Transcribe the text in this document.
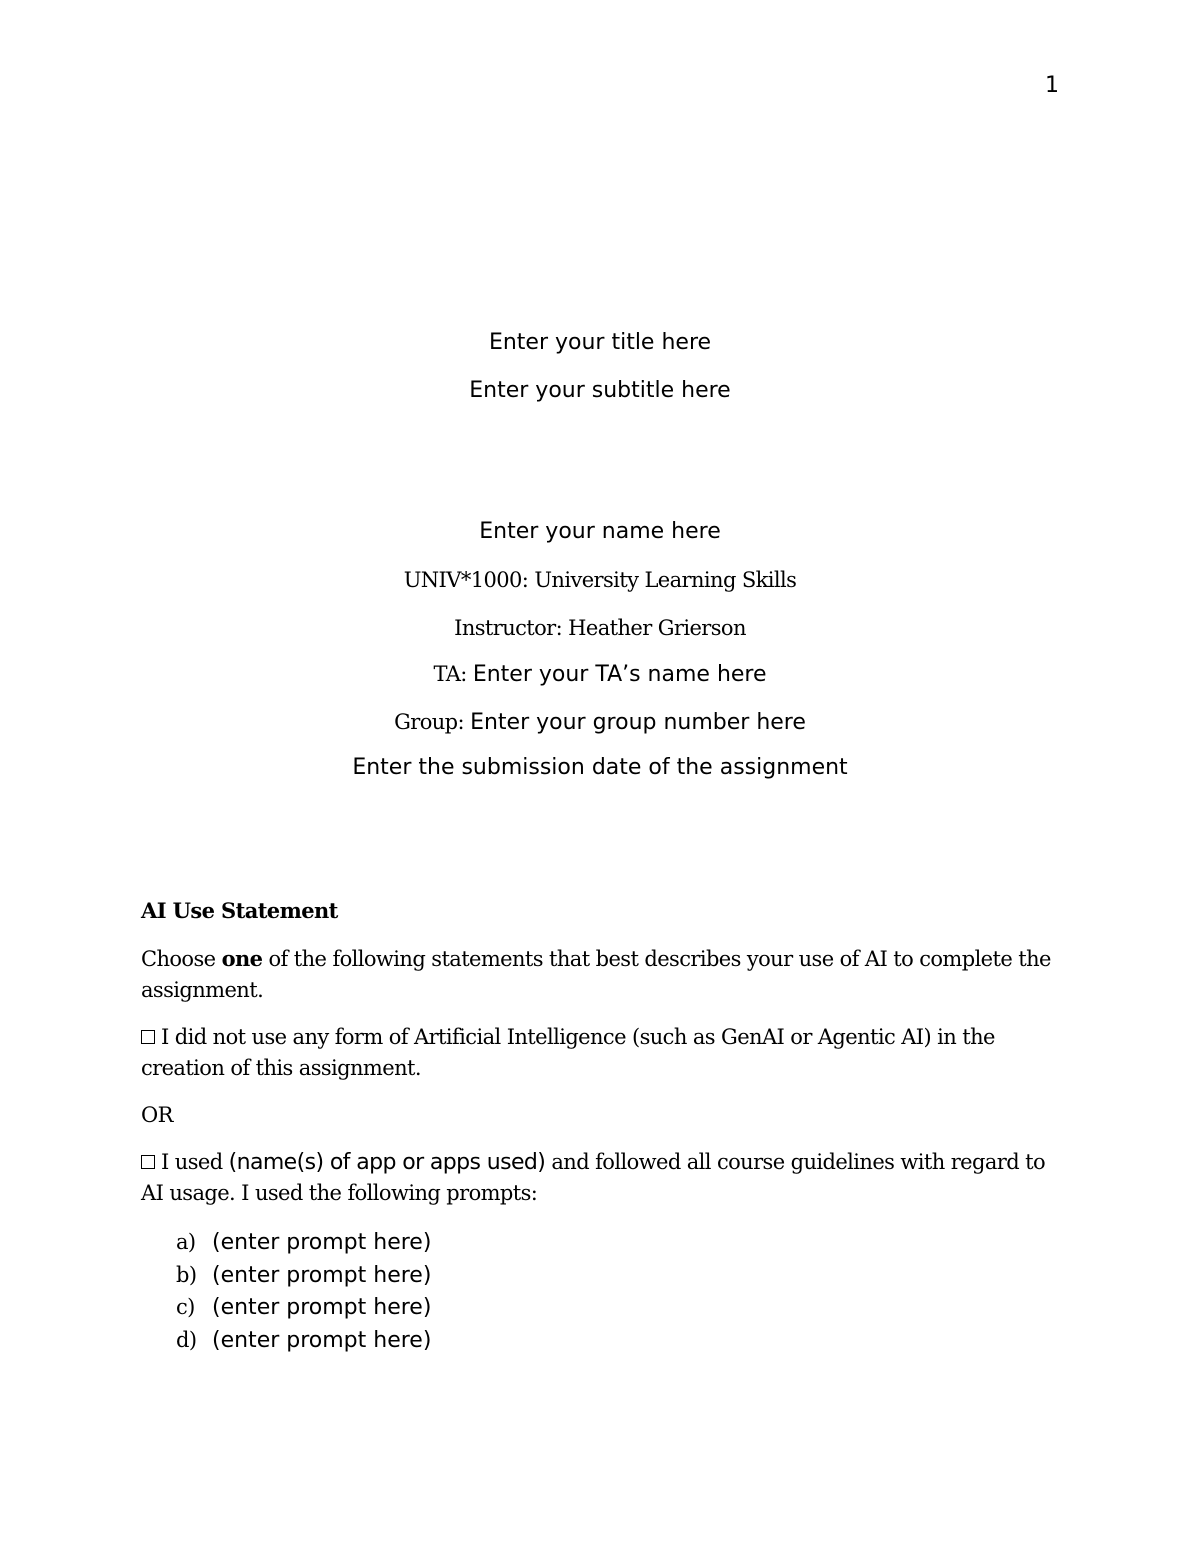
1
Enter your title here
Enter your subtitle here
Enter your name here
UNIV*1000: University Learning Skills
Instructor: Heather Grierson
TA: Enter your TA’s name here
Group: Enter your group number here
Enter the submission date of the assignment
AI Use Statement
Choose one of the following statements that best describes your use of AI to complete the assignment.
I did not use any form of Artificial Intelligence (such as GenAI or Agentic AI) in the creation of this assignment.
OR
I used (name(s) of app or apps used) and followed all course guidelines with regard to AI usage. I used the following prompts:
a) (enter prompt here)
b) (enter prompt here)
c) (enter prompt here)
d) (enter prompt here)
